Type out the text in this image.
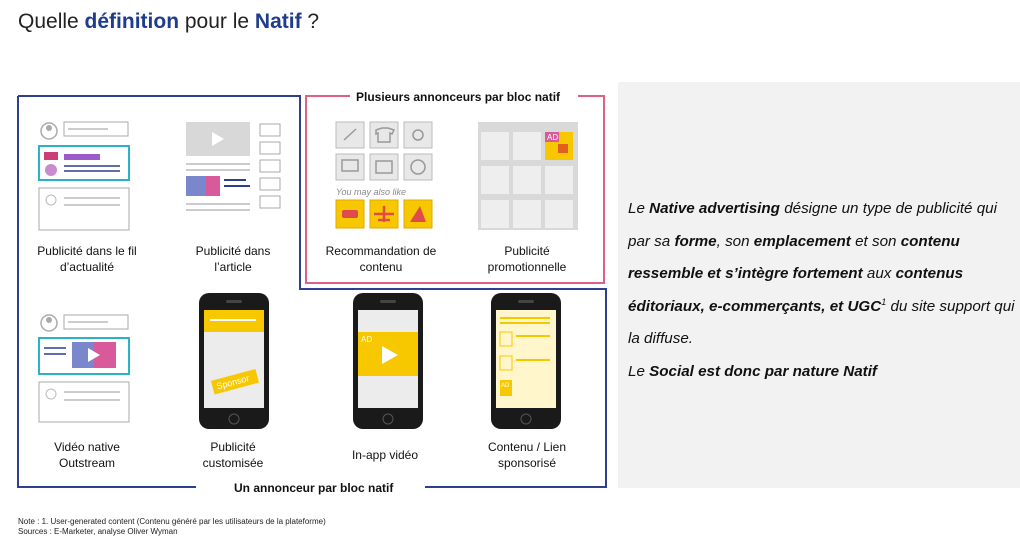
Quelle définition pour le Natif ?
Plusieurs annonceurs par bloc natif
Un annonceur par bloc natif
You may also like
AD
Sponsor
AD
AD
Publicité dans le fil
d’actualité
Publicité dans
l’article
Recommandation de
contenu
Publicité
promotionnelle
Vidéo native
Outstream
Publicité
customisée
In-app vidéo
Contenu / Lien
sponsorisé
Le Native advertising désigne un type de publicité qui par sa forme, son emplacement et son contenu ressemble et s’intègre fortement aux contenus éditoriaux, e-commerçants, et UGC$^1$ du site support qui la diffuse.
Le Social est donc par nature Natif
Note : 1. User-generated content (Contenu généré par les utilisateurs de la plateforme)
Sources : E-Marketer, analyse Oliver Wyman
